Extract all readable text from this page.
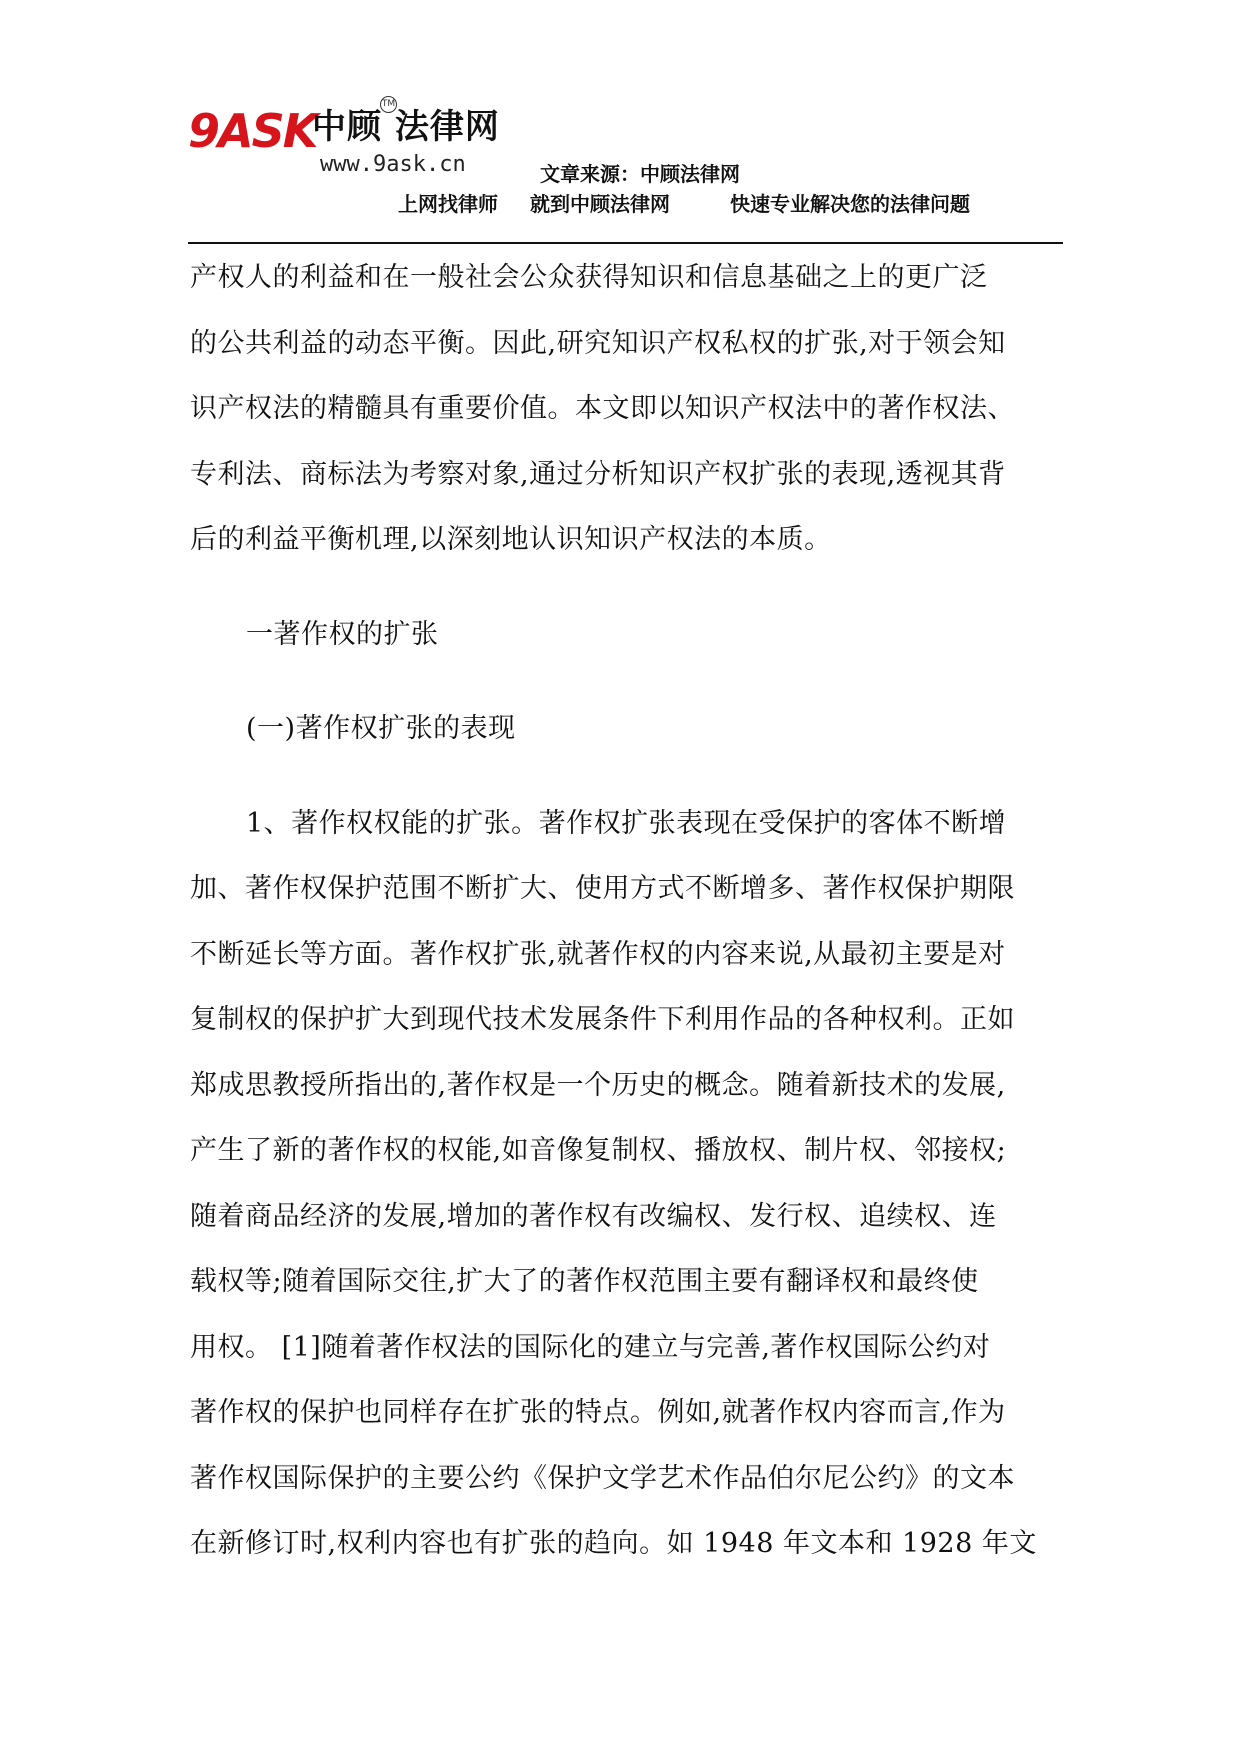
9ASK
中顾 法律网
TM
www.9ask.cn	文章来源：中顾法律网
上网找律师 就到中顾法律网	快速专业解决您的法律问题
产权人的利益和在一般社会公众获得知识和信息基础之上的更广泛
的公共利益的动态平衡。因此,研究知识产权私权的扩张,对于领会知
识产权法的精髓具有重要价值。本文即以知识产权法中的著作权法、
专利法、商标法为考察对象,通过分析知识产权扩张的表现,透视其背
后的利益平衡机理,以深刻地认识知识产权法的本质。
一著作权的扩张
(一)著作权扩张的表现
1、著作权权能的扩张。著作权扩张表现在受保护的客体不断增
加、著作权保护范围不断扩大、使用方式不断增多、著作权保护期限
不断延长等方面。著作权扩张,就著作权的内容来说,从最初主要是对
复制权的保护扩大到现代技术发展条件下利用作品的各种权利。正如
郑成思教授所指出的,著作权是一个历史的概念。随着新技术的发展,
产生了新的著作权的权能,如音像复制权、播放权、制片权、邻接权;
随着商品经济的发展,增加的著作权有改编权、发行权、追续权、连
载权等;随着国际交往,扩大了的著作权范围主要有翻译权和最终使
用权。 [1]随着著作权法的国际化的建立与完善,著作权国际公约对
著作权的保护也同样存在扩张的特点。例如,就著作权内容而言,作为
著作权国际保护的主要公约《保护文学艺术作品伯尔尼公约》的文本
在新修订时,权利内容也有扩张的趋向。如 1948 年文本和 1928 年文
